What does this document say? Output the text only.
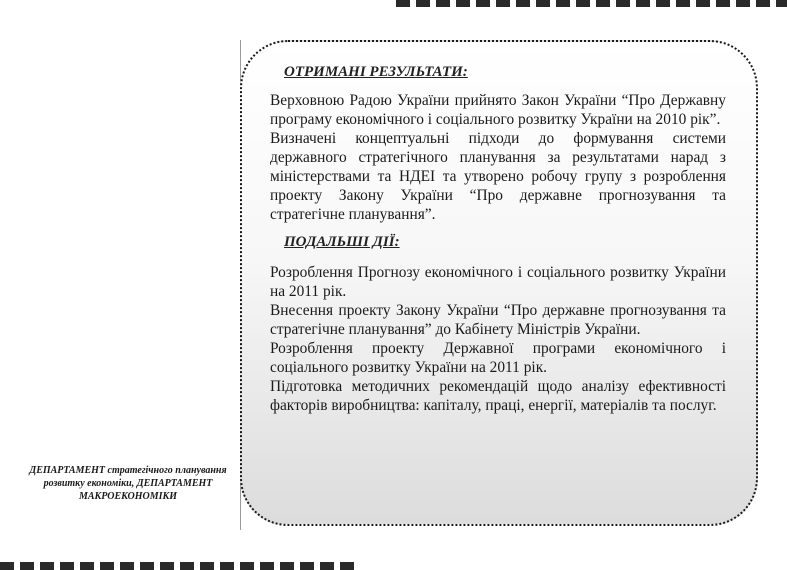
ОТРИМАНІ РЕЗУЛЬТАТИ:

Верховною Радою України прийнято Закон України “Про Державну програму економічного і соціального розвитку України на 2010 рік”.

Визначені концептуальні підходи до формування системи державного стратегічного планування за результатами нарад з міністерствами та НДЕІ та утворено робочу групу з розроблення проекту Закону України “Про державне прогнозування та стратегічне планування”.

ПОДАЛЬШІ ДІЇ:

Розроблення Прогнозу економічного і соціального розвитку України на 2011 рік.

Внесення проекту Закону України “Про державне прогнозування та стратегічне планування” до Кабінету Міністрів України.

Розроблення проекту Державної програми економічного і соціального розвитку України на 2011 рік.

Підготовка методичних рекомендацій щодо аналізу ефективності факторів виробництва: капіталу, праці, енергії, матеріалів та послуг.

ДЕПАРТАМЕНТ стратегічного планування розвитку економіки, ДЕПАРТАМЕНТ МАКРОЕКОНОМІКИ
